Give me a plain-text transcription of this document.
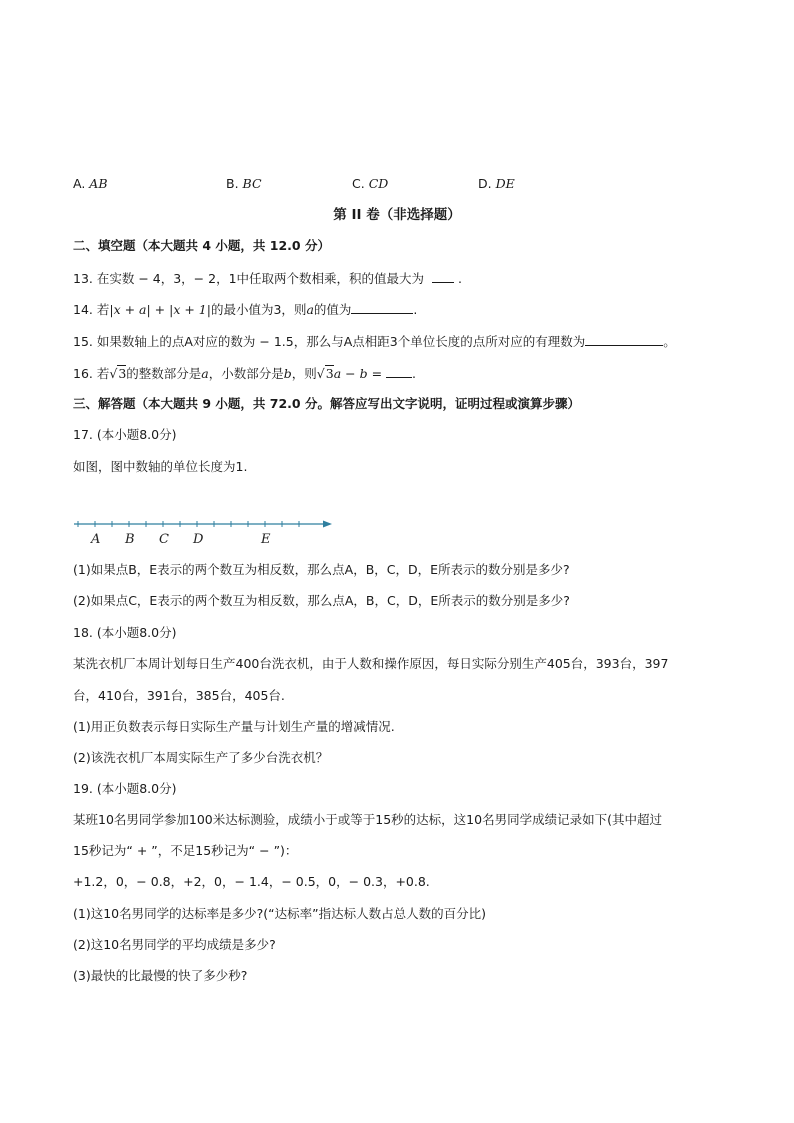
A. AB	B. BC	C. CD	D. DE
第 II 卷（非选择题）
二、填空题（本大题共 4 小题，共 12.0 分）
13. 在实数 − 4，3，− 2，1中任取两个数相乘，积的值最大为	.
14. 若|x + a| + |x + 1|的最小值为3，则a的值为	.
15. 如果数轴上的点A对应的数为 − 1.5，那么与A点相距3个单位长度的点所对应的有理数为	。
16. 若√3的整数部分是a，小数部分是b，则√3a − b = .
三、解答题（本大题共 9 小题，共 72.0 分。解答应写出文字说明，证明过程或演算步骤）
17. (本小题8.0分)
如图，图中数轴的单位长度为1.
A B C D	E
(1)如果点B，E表示的两个数互为相反数，那么点A，B，C，D，E所表示的数分别是多少?
(2)如果点C，E表示的两个数互为相反数，那么点A，B，C，D，E所表示的数分别是多少?
18. (本小题8.0分)
某洗衣机厂本周计划每日生产400台洗衣机，由于人数和操作原因，每日实际分别生产405台，393台，397
台，410台，391台，385台，405台.
(1)用正负数表示每日实际生产量与计划生产量的增减情况.
(2)该洗衣机厂本周实际生产了多少台洗衣机？
19. (本小题8.0分)
某班10名男同学参加100米达标测验，成绩小于或等于15秒的达标，这10名男同学成绩记录如下(其中超过
15秒记为“ + ”，不足15秒记为“ − ”)：
+1.2，0，− 0.8，+2，0，− 1.4，− 0.5，0，− 0.3，+0.8.
(1)这10名男同学的达标率是多少?(“达标率”指达标人数占总人数的百分比)
(2)这10名男同学的平均成绩是多少?
(3)最快的比最慢的快了多少秒?
